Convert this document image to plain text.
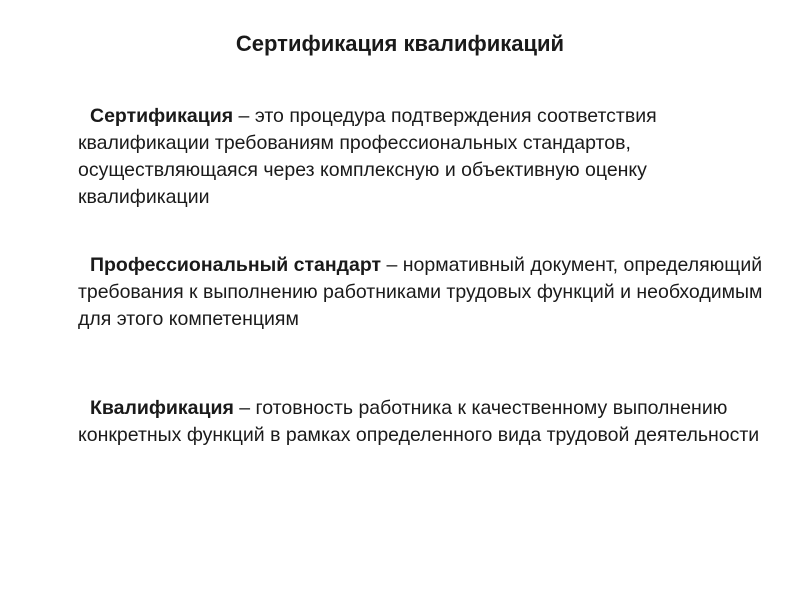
Сертификация квалификаций

Сертификация – это процедура подтверждения соответствия квалификации требованиям профессиональных стандартов, осуществляющаяся через комплексную и объективную оценку квалификации

Профессиональный стандарт – нормативный документ, определяющий требования к выполнению работниками трудовых функций и необходимым для этого компетенциям

Квалификация – готовность работника к качественному выполнению конкретных функций в рамках определенного вида трудовой деятельности
